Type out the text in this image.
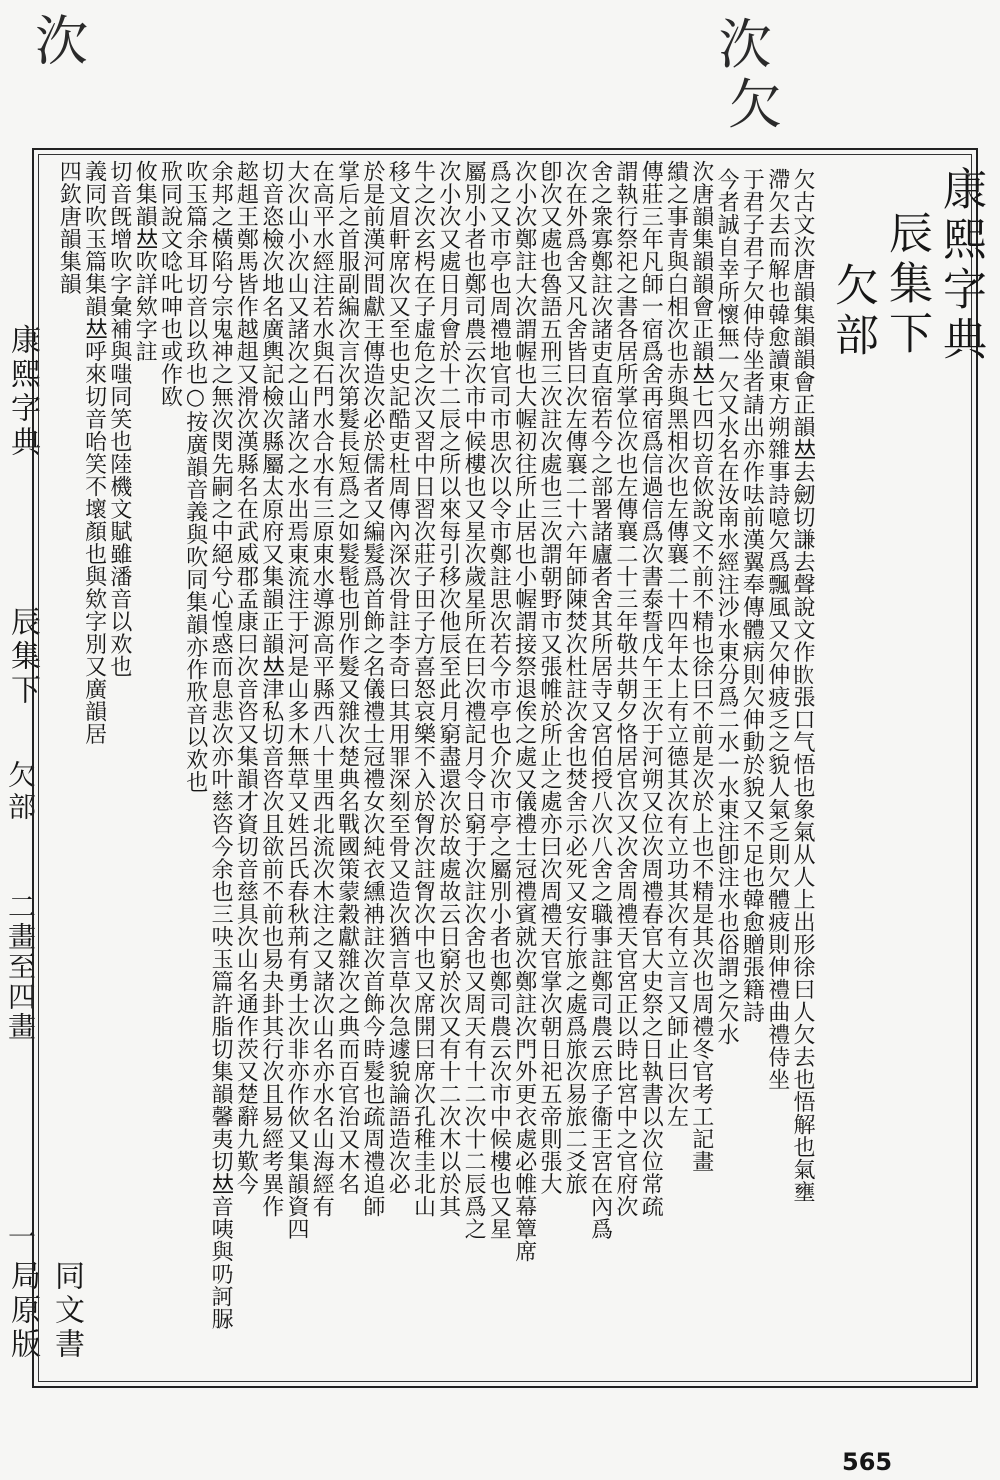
㳄	㳄
欠
康熙字典
辰集下
欠部
二畫至四畫
一
同文書局原版
康熙字典
辰集下
欠部
欠古文㳄唐韻集韻韻會正韻𠀤去劒切謙去聲說文作𣢟張口气悟也象氣从人上出形徐曰人欠去也悟解也氣壅
滯欠去而解也韓愈讀東方朔雜事詩噫欠爲飄風又欠伸疲乏之貌人氣乏則欠體疲則伸禮曲禮侍坐
于君子君子欠伸侍坐者請出亦作呿前漢翼奉傳體病則欠伸動於貌又不足也韓愈贈張籍詩
今者誠自幸所懷無一欠又水名在汝南水經注沙水東分爲二水一水東注卽注水也俗謂之欠水
㳄唐韻集韻韻會正韻𠀤七四切音佽說文不前不精也徐曰不前是次於上也不精是其次也周禮冬官考工記畫
繢之事青與白相次也赤與黑相次也左傳襄二十四年太上有立德其次有立功其次有立言又師止曰次左
傳莊三年凡師一宿爲舍再宿爲信過信爲次書泰誓戊午王次于河朔又位次周禮春官大史祭之日執書以次位常疏
謂執行祭祀之書各居所掌位次也左傳襄二十三年敬共朝夕恪居官次又次舍周禮天官宮正以時比宮中之官府次
舍之衆寡鄭註次諸吏直宿若今之部署諸廬者舍其所居寺又宮伯授八次八舍之職事註鄭司農云庶子衞王宮在內爲
次在外爲舍又凡舍皆曰次左傳襄二十六年師陳焚次杜註次舍也焚舍示必死又安行旅之處爲旅次易旅二爻旅
卽次又處也魯語五刑三次註次處也三次謂朝野市又張帷於所止之處亦曰次周禮天官掌次朝日祀五帝則張大
次小次鄭註大次謂幄也大幄初往所止居也小幄謂接祭退俟之處又儀禮士冠禮賓就次鄭註次門外更衣處必帷幕簟席
爲之又市亭也周禮地官司市思次以令市鄭註思次若今市亭也介次市亭之屬別小者也鄭司農云次市中候樓也又星
屬別小者也鄭司農云次市中候樓也又星次歲星所在曰次禮記月令日窮于次註次舍也又周天有十二次十二辰爲之
次小次又處日月會於十二辰之所以來每引移次他辰至此月窮盡還次於故處故云日窮於次又有十二次木以於其
牛之次玄枵在子虛危之次又習中日習次莊子田子方喜怒哀樂不入於胷次註胷次中也又席開曰席次孔稚圭北山
移文眉軒席次又至也史記酷吏杜周傳內深次骨註李奇曰其用罪深刻至骨又造次猶言草次急遽貌論語造次必
於是前漢河間獻王傳造次必於儒者又編髮爲首飾之名儀禮士冠禮女次純衣纁袡註次首飾今時髮也疏周禮追師
掌后之首服副編次言次第髮長短爲之如髮髢也別作髮又雜次楚典名戰國策蒙穀獻雜次之典而百官治又木名
在高平水經注若水與石門水合水有三原東水導源高平縣西八十里西北流次木注之又諸次山名亦水名山海經有
大次山小次山又諸次之山諸次之水出焉東流注于河是山多木無草又姓呂氏春秋荊有勇士次非亦作佽又集韻資四
切音恣檢次地名廣輿記檢次縣屬太原府又集韻正韻𠀤津私切音咨次且欲前不前也易夬卦其行次且易經考異作
趑趄王鄭馬皆作越趄又滑次漢縣名在武威郡孟康曰次音咨又集韻才資切音慈具次山名通作茨又楚辭九歎今
余邦之橫陷兮宗鬼神之無次閔先嗣之中絕兮心惶惑而息悲次亦叶慈咨今余也三吷玉篇許脂切集韻馨夷切𠀤音咦與𠮨訶脲
吹玉篇余耳切音以玖也○按廣韻音義與吹同集韻亦作㰢音以欢也
㰢同說文唸𠮟呻也或作欧
攸集韻𠀤吹詳欸字註
切音旣增吹字彙補與嗤同笑也陸機文賦雖潘音以欢也
義同吹玉篇集韻𠀤呼來切音咍笑不壞顏也與欸字別又廣韻居
四欽唐韻集韻
565
